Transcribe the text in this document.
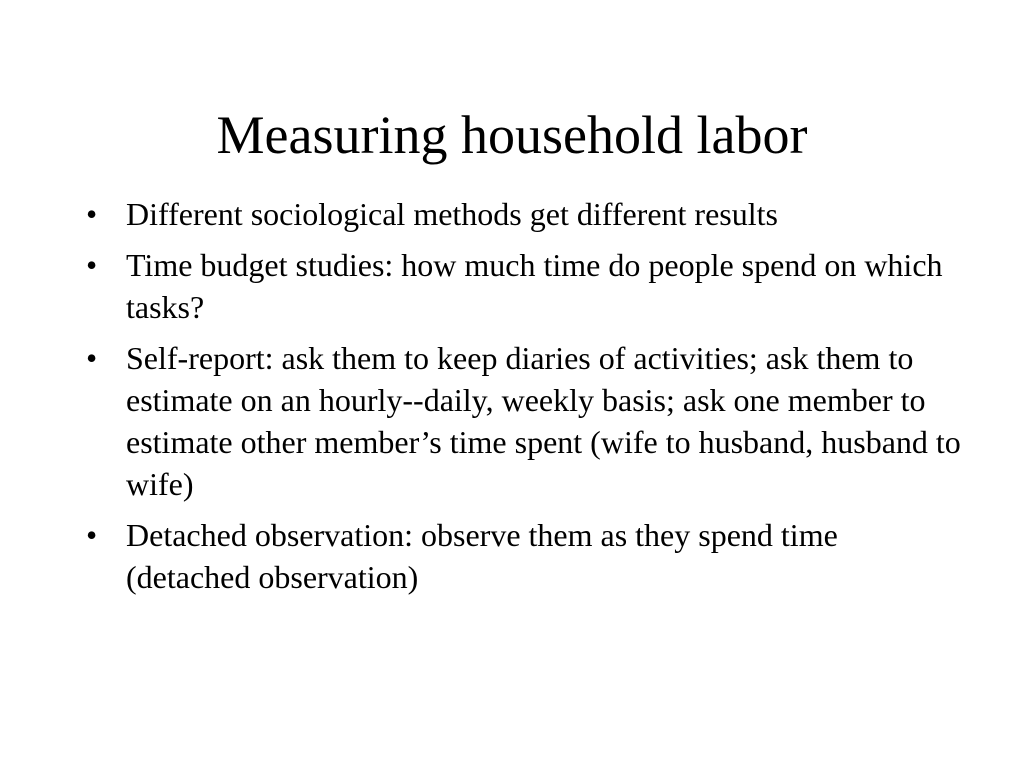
Measuring household labor
• Different sociological methods get different results
• Time budget studies: how much time do people spend on which tasks?
• Self-report: ask them to keep diaries of activities; ask them to estimate on an hourly--daily, weekly basis; ask one member to estimate other member’s time spent (wife to husband, husband to wife)
• Detached observation: observe them as they spend time (detached observation)
